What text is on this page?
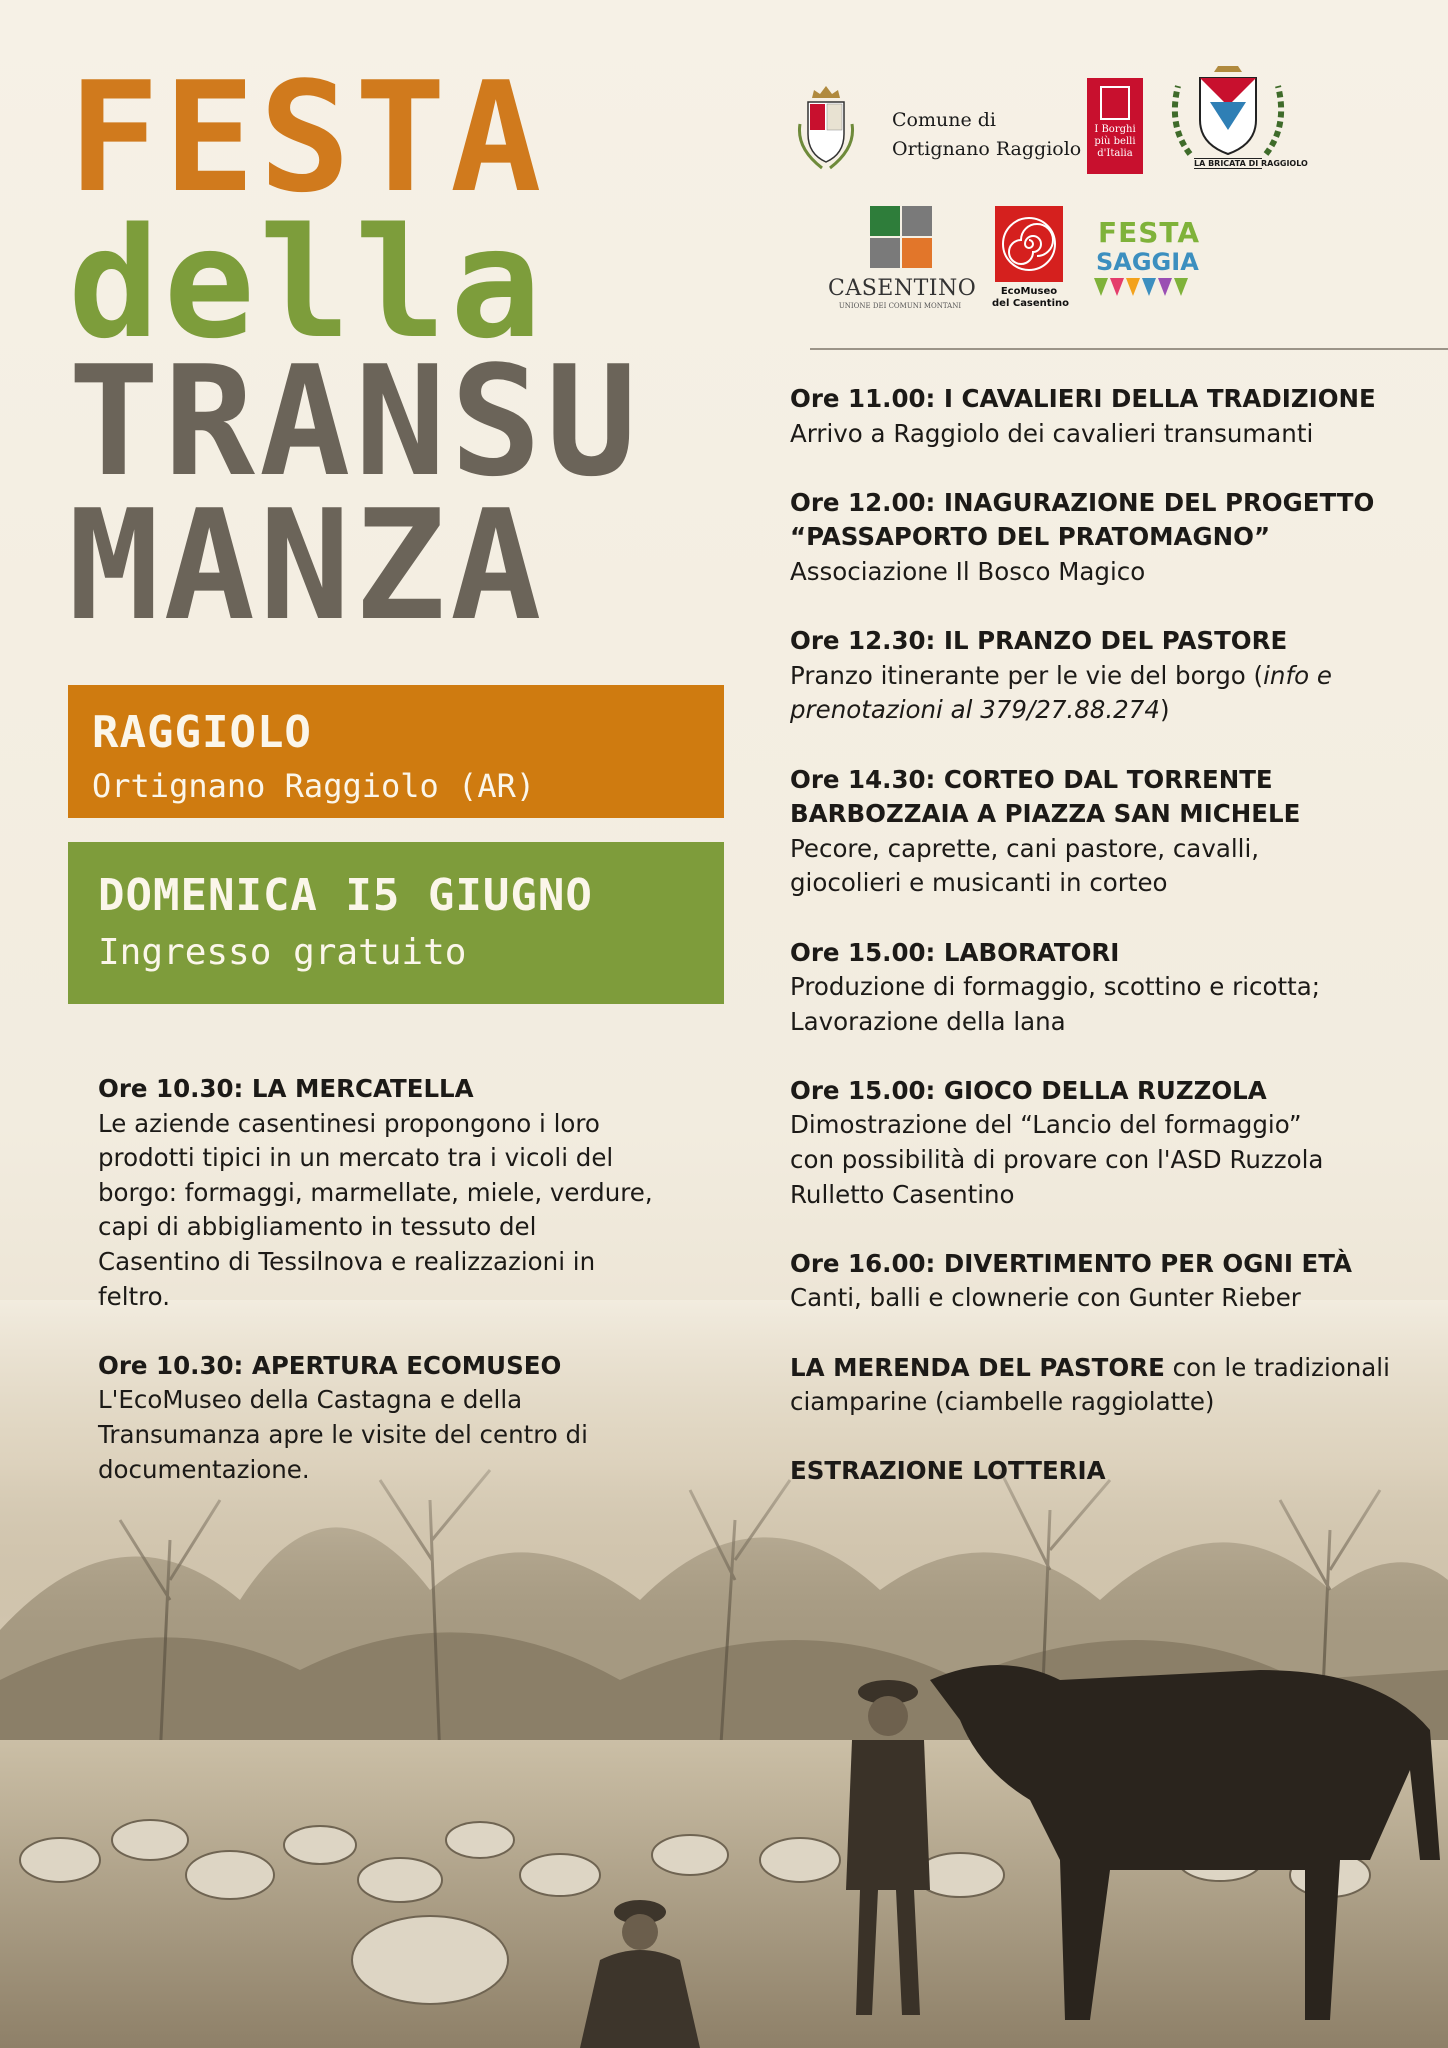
FESTA
della
TRANSU
MANZA
RAGGIOLO
Ortignano Raggiolo (AR)
DOMENICA I5 GIUGNO
Ingresso gratuito
Comune di
Ortignano Raggiolo
I Borghi
più belli
d'Italia
LA BRICATA DI RAGGIOLO
CASENTINO
UNIONE DEI COMUNI MONTANI
EcoMuseo
del Casentino
FESTA
SAGGIA
Ore 10.30: LA MERCATELLA
Le aziende casentinesi propongono i loro
prodotti tipici in un mercato tra i vicoli del
borgo: formaggi, marmellate, miele, verdure,
capi di abbigliamento in tessuto del
Casentino di Tessilnova e realizzazioni in
feltro.
Ore 10.30: APERTURA ECOMUSEO
L'EcoMuseo della Castagna e della
Transumanza apre le visite del centro di
documentazione.
Ore 11.00: I CAVALIERI DELLA TRADIZIONE
Arrivo a Raggiolo dei cavalieri transumanti
Ore 12.00: INAGURAZIONE DEL PROGETTO
“PASSAPORTO DEL PRATOMAGNO”
Associazione Il Bosco Magico
Ore 12.30: IL PRANZO DEL PASTORE
Pranzo itinerante per le vie del borgo (info e
prenotazioni al 379/27.88.274)
Ore 14.30: CORTEO DAL TORRENTE
BARBOZZAIA A PIAZZA SAN MICHELE
Pecore, caprette, cani pastore, cavalli,
giocolieri e musicanti in corteo
Ore 15.00: LABORATORI
Produzione di formaggio, scottino e ricotta;
Lavorazione della lana
Ore 15.00: GIOCO DELLA RUZZOLA
Dimostrazione del “Lancio del formaggio”
con possibilità di provare con l'ASD Ruzzola
Rulletto Casentino
Ore 16.00: DIVERTIMENTO PER OGNI ETÀ
Canti, balli e clownerie con Gunter Rieber
LA MERENDA DEL PASTORE con le tradizionali
ciamparine (ciambelle raggiolatte)
ESTRAZIONE LOTTERIA
